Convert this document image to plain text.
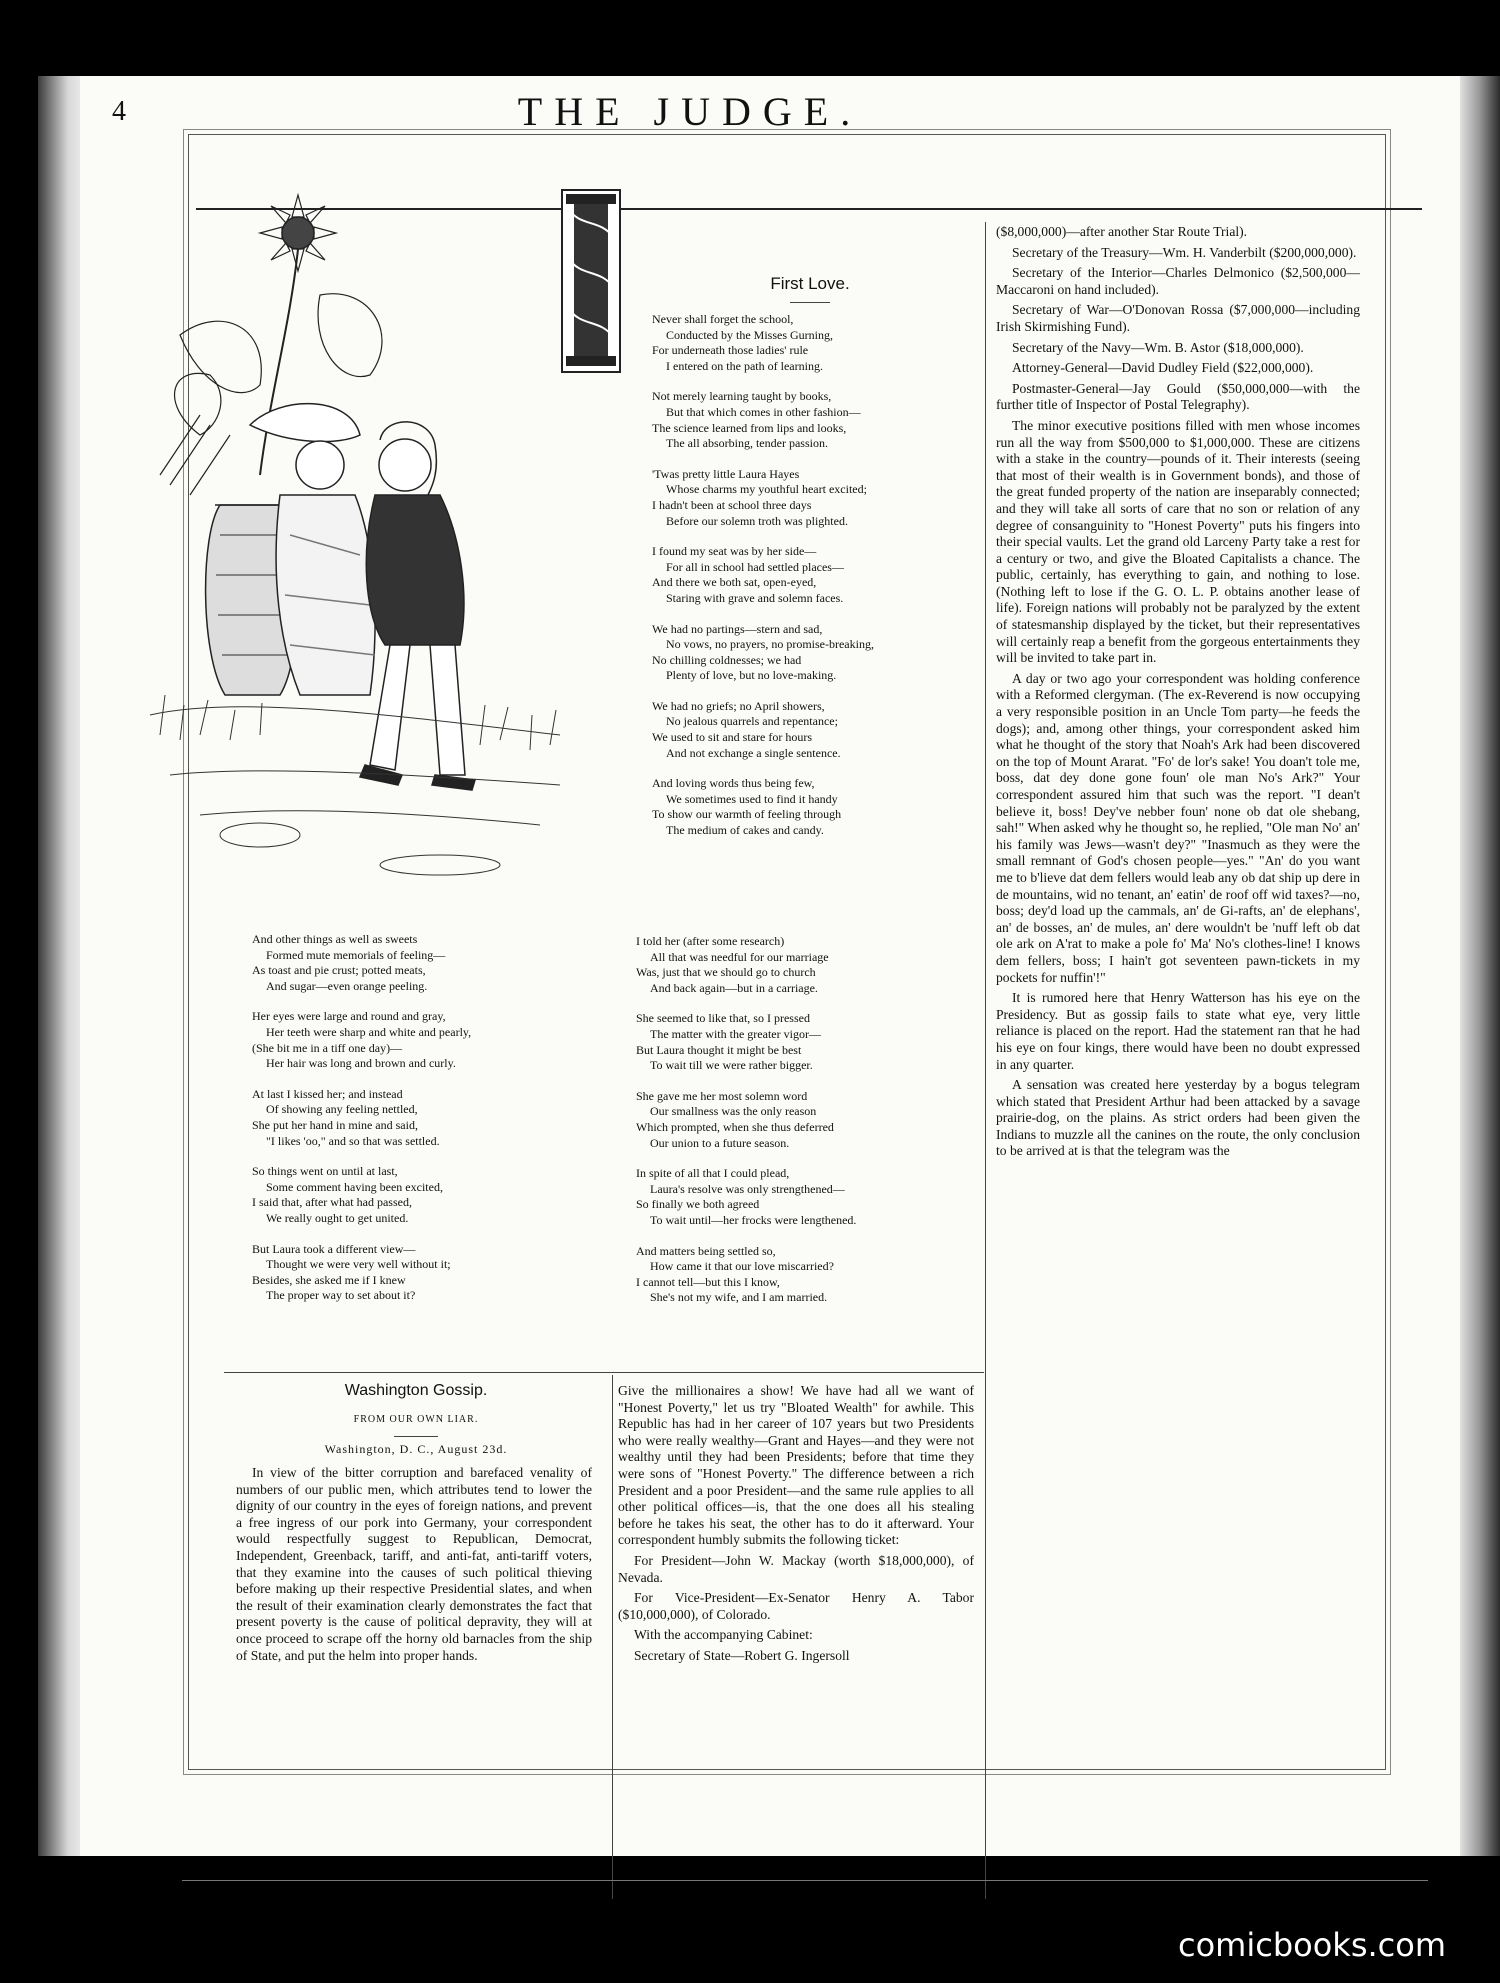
4	THE JUDGE.
First Love.
Never shall forget the school,
Conducted by the Misses Gurning,
For underneath those ladies' rule
I entered on the path of learning.
Not merely learning taught by books,
But that which comes in other fashion—
The science learned from lips and looks,
The all absorbing, tender passion.
'Twas pretty little Laura Hayes
Whose charms my youthful heart excited;
I hadn't been at school three days
Before our solemn troth was plighted.
I found my seat was by her side—
For all in school had settled places—
And there we both sat, open-eyed,
Staring with grave and solemn faces.
We had no partings—stern and sad,
No vows, no prayers, no promise-breaking,
No chilling coldnesses; we had
Plenty of love, but no love-making.
We had no griefs; no April showers,
No jealous quarrels and repentance;
We used to sit and stare for hours
And not exchange a single sentence.
And loving words thus being few,
We sometimes used to find it handy
To show our warmth of feeling through
The medium of cakes and candy.
And other things as well as sweets
Formed mute memorials of feeling—
As toast and pie crust; potted meats,
And sugar—even orange peeling.
Her eyes were large and round and gray,
Her teeth were sharp and white and pearly,
(She bit me in a tiff one day)—
Her hair was long and brown and curly.
At last I kissed her; and instead
Of showing any feeling nettled,
She put her hand in mine and said,
"I likes 'oo," and so that was settled.
So things went on until at last,
Some comment having been excited,
I said that, after what had passed,
We really ought to get united.
But Laura took a different view—
Thought we were very well without it;
Besides, she asked me if I knew
The proper way to set about it?
I told her (after some research)
All that was needful for our marriage
Was, just that we should go to church
And back again—but in a carriage.
She seemed to like that, so I pressed
The matter with the greater vigor—
But Laura thought it might be best
To wait till we were rather bigger.
She gave me her most solemn word
Our smallness was the only reason
Which prompted, when she thus deferred
Our union to a future season.
In spite of all that I could plead,
Laura's resolve was only strengthened—
So finally we both agreed
To wait until—her frocks were lengthened.
And matters being settled so,
How came it that our love miscarried?
I cannot tell—but this I know,
She's not my wife, and I am married.
Washington Gossip.
FROM OUR OWN LIAR.
Washington, D. C., August 23d.

In view of the bitter corruption and barefaced venality of numbers of our public men, which attributes tend to lower the dignity of our country in the eyes of foreign nations, and prevent a free ingress of our pork into Germany, your correspondent would respectfully suggest to Republican, Democrat, Independent, Greenback, tariff, and anti-fat, anti-tariff voters, that they examine into the causes of such political thieving before making up their respective Presidential slates, and when the result of their examination clearly demonstrates the fact that present poverty is the cause of political depravity, they will at once proceed to scrape off the horny old barnacles from the ship of State, and put the helm into proper hands.

Give the millionaires a show! We have had all we want of "Honest Poverty," let us try "Bloated Wealth" for awhile. This Republic has had in her career of 107 years but two Presidents who were really wealthy—Grant and Hayes—and they were not wealthy until they had been Presidents; before that time they were sons of "Honest Poverty." The difference between a rich President and a poor President—and the same rule applies to all other political offices—is, that the one does all his stealing before he takes his seat, the other has to do it afterward. Your correspondent humbly submits the following ticket:

For President—John W. Mackay (worth $18,000,000), of Nevada.

For Vice-President—Ex-Senator Henry A. Tabor ($10,000,000), of Colorado.

With the accompanying Cabinet:

Secretary of State—Robert G. Ingersoll

($8,000,000)—after another Star Route Trial).

Secretary of the Treasury—Wm. H. Vanderbilt ($200,000,000).

Secretary of the Interior—Charles Delmonico ($2,500,000—Maccaroni on hand included).

Secretary of War—O'Donovan Rossa ($7,000,000—including Irish Skirmishing Fund).

Secretary of the Navy—Wm. B. Astor ($18,000,000).

Attorney-General—David Dudley Field ($22,000,000).

Postmaster-General—Jay Gould ($50,000,000—with the further title of Inspector of Postal Telegraphy).

The minor executive positions filled with men whose incomes run all the way from $500,000 to $1,000,000. These are citizens with a stake in the country—pounds of it. Their interests (seeing that most of their wealth is in Government bonds), and those of the great funded property of the nation are inseparably connected; and they will take all sorts of care that no son or relation of any degree of consanguinity to "Honest Poverty" puts his fingers into their special vaults. Let the grand old Larceny Party take a rest for a century or two, and give the Bloated Capitalists a chance. The public, certainly, has everything to gain, and nothing to lose. (Nothing left to lose if the G. O. L. P. obtains another lease of life). Foreign nations will probably not be paralyzed by the extent of statesmanship displayed by the ticket, but their representatives will certainly reap a benefit from the gorgeous entertainments they will be invited to take part in.

A day or two ago your correspondent was holding conference with a Reformed clergyman. (The ex-Reverend is now occupying a very responsible position in an Uncle Tom party—he feeds the dogs); and, among other things, your correspondent asked him what he thought of the story that Noah's Ark had been discovered on the top of Mount Ararat. "Fo' de lor's sake! You doan't tole me, boss, dat dey done gone foun' ole man No's Ark?" Your correspondent assured him that such was the report. "I dean't believe it, boss! Dey've nebber foun' none ob dat ole shebang, sah!" When asked why he thought so, he replied, "Ole man No' an' his family was Jews—wasn't dey?" "Inasmuch as they were the small remnant of God's chosen people—yes." "An' do you want me to b'lieve dat dem fellers would leab any ob dat ship up dere in de mountains, wid no tenant, an' eatin' de roof off wid taxes?—no, boss; dey'd load up the cammals, an' de Gi-rafts, an' de elephans', an' de bosses, an' de mules, an' dere wouldn't be 'nuff left ob dat ole ark on A'rat to make a pole fo' Ma' No's clothes-line! I knows dem fellers, boss; I hain't got seventeen pawn-tickets in my pockets for nuffin'!"

It is rumored here that Henry Watterson has his eye on the Presidency. But as gossip fails to state what eye, very little reliance is placed on the report. Had the statement ran that he had his eye on four kings, there would have been no doubt expressed in any quarter.

A sensation was created here yesterday by a bogus telegram which stated that President Arthur had been attacked by a savage prairie-dog, on the plains. As strict orders had been given the Indians to muzzle all the canines on the route, the only conclusion to be arrived at is that the telegram was the

comicbooks.com
